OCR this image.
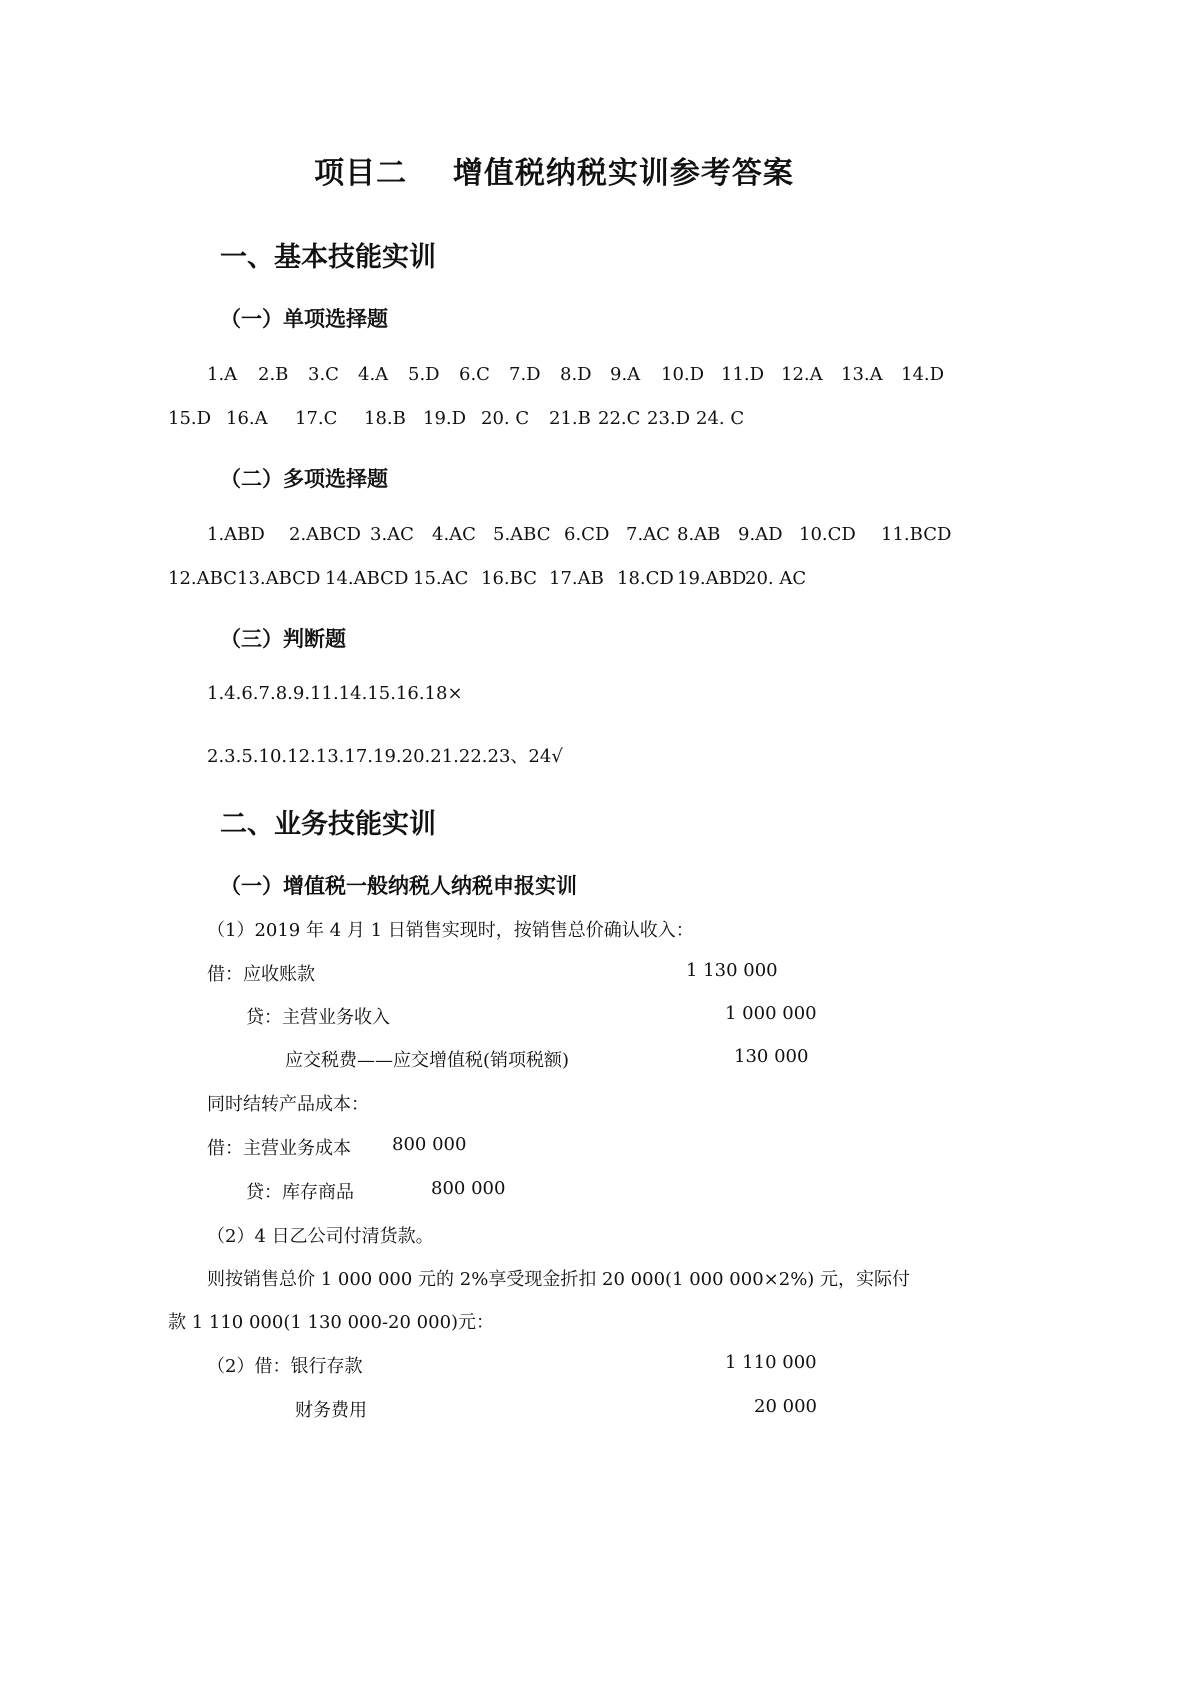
项目二    增值税纳税实训参考答案
一、基本技能实训
（一）单项选择题
1.A 2.B 3.C 4.A 5.D 6.C 7.D 8.D 9.A 10.D 11.D 12.A 13.A 14.D
15.D 16.A 17.C 18.B 19.D 20. C 21.B 22.C 23.D 24. C
（二）多项选择题
1.ABD 2.ABCD 3.AC 4.AC 5.ABC 6.CD 7.AC 8.AB 9.AD 10.CD 11.BCD
12.ABC 13.ABCD 14.ABCD 15.AC 16.BC 17.AB 18.CD 19.ABD
20. AC
（三）判断题
1.4.6.7.8.9.11.14.15.16.18×
2.3.5.10.12.13.17.19.20.21.22.23、24√
二、业务技能实训
（一）增值税一般纳税人纳税申报实训
（1）2019 年 4 月 1 日销售实现时，按销售总价确认收入：
借：应收账款	1 130 000
贷：主营业务收入	1 000 000
应交税费——应交增值税(销项税额)	130 000
同时结转产品成本：
借：主营业务成本 800 000
贷：库存商品	800 000
（2）4 日乙公司付清货款。
则按销售总价 1 000 000 元的 2%享受现金折扣 20 000(1 000 000×2%) 元，实际付
款 1 110 000(1 130 000-20 000)元：
（2）借：银行存款	1 110 000
财务费用	20 000
